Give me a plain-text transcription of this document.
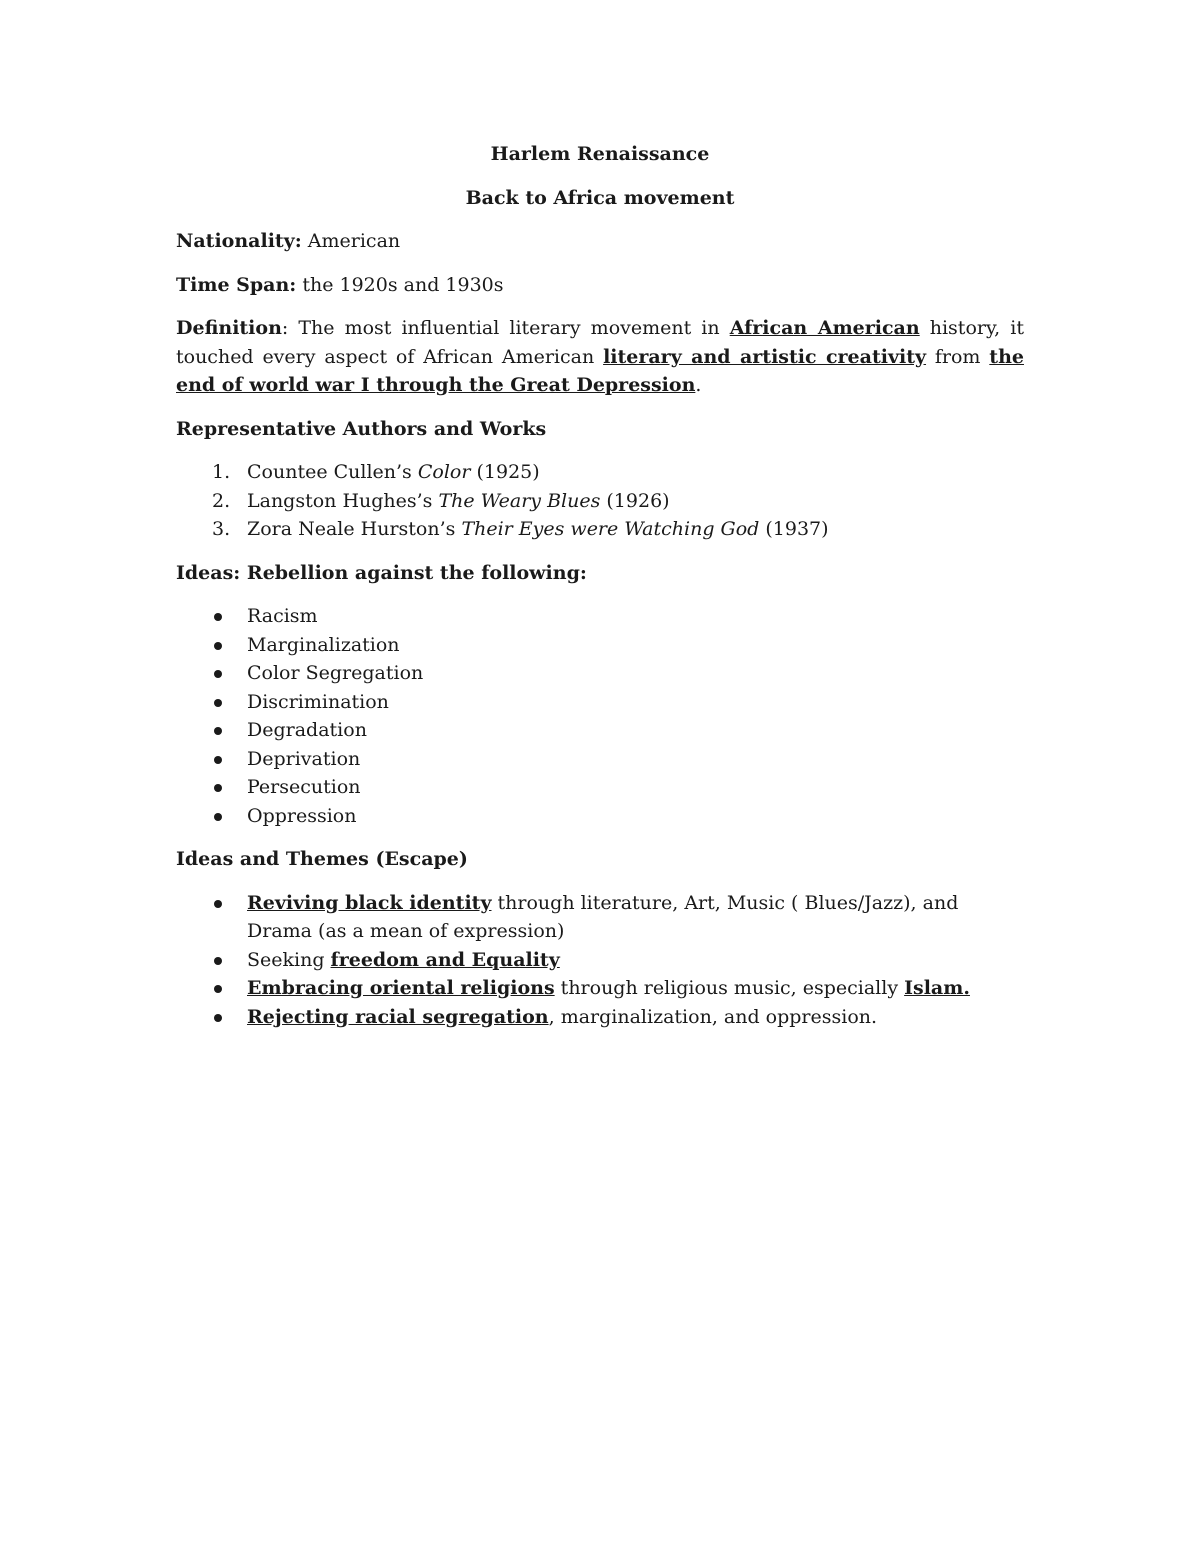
Harlem Renaissance

Back to Africa movement

Nationality: American

Time Span: the 1920s and 1930s

Definition: The most influential literary movement in African American history, it touched every aspect of African American literary and artistic creativity from the end of world war I through the Great Depression.

Representative Authors and Works

1. Countee Cullen’s Color (1925)
2. Langston Hughes’s The Weary Blues (1926)
3. Zora Neale Hurston’s Their Eyes were Watching God (1937)

Ideas: Rebellion against the following:

Racism
Marginalization
Color Segregation
Discrimination
Degradation
Deprivation
Persecution
Oppression

Ideas and Themes (Escape)

Reviving black identity through literature, Art, Music ( Blues/Jazz), and Drama (as a mean of expression)
Seeking freedom and Equality
Embracing oriental religions through religious music, especially Islam.
Rejecting racial segregation, marginalization, and oppression.
